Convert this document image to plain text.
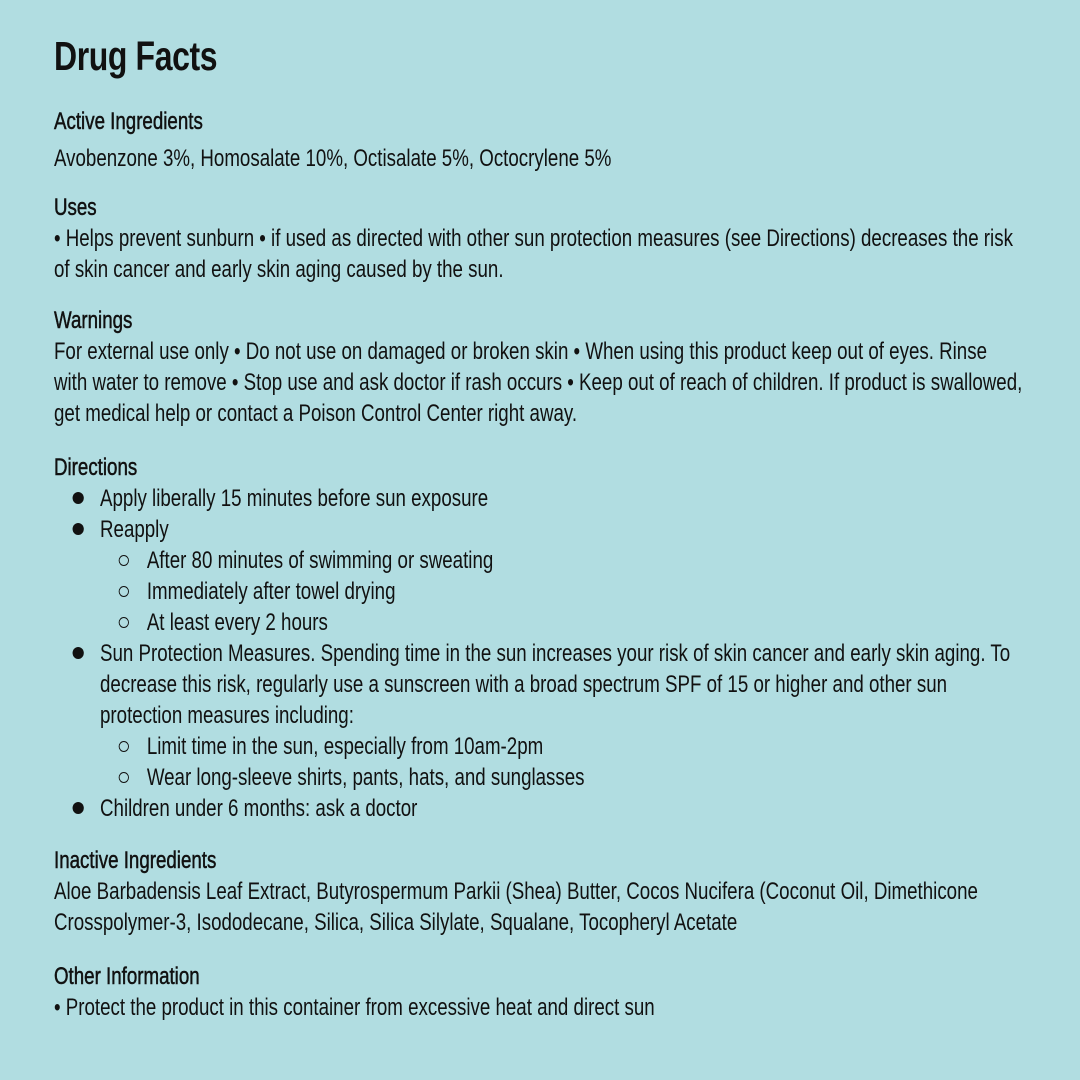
Drug Facts
Active Ingredients

Avobenzone 3%, Homosalate 10%, Octisalate 5%, Octocrylene 5%

Uses

• Helps prevent sunburn • if used as directed with other sun protection measures (see Directions) decreases the risk of skin cancer and early skin aging caused by the sun.

Warnings

For external use only • Do not use on damaged or broken skin • When using this product keep out of eyes. Rinse with water to remove • Stop use and ask doctor if rash occurs • Keep out of reach of children. If product is swallowed, get medical help or contact a Poison Control Center right away.

Directions
Apply liberally 15 minutes before sun exposure
Reapply
After 80 minutes of swimming or sweating
Immediately after towel drying
At least every 2 hours
Sun Protection Measures. Spending time in the sun increases your risk of skin cancer and early skin aging. To decrease this risk, regularly use a sunscreen with a broad spectrum SPF of 15 or higher and other sun protection measures including:
Limit time in the sun, especially from 10am-2pm
Wear long-sleeve shirts, pants, hats, and sunglasses
Children under 6 months: ask a doctor
Inactive Ingredients

Aloe Barbadensis Leaf Extract, Butyrospermum Parkii (Shea) Butter, Cocos Nucifera (Coconut Oil, Dimethicone Crosspolymer-3, Isododecane, Silica, Silica Silylate, Squalane, Tocopheryl Acetate

Other Information

• Protect the product in this container from excessive heat and direct sun
